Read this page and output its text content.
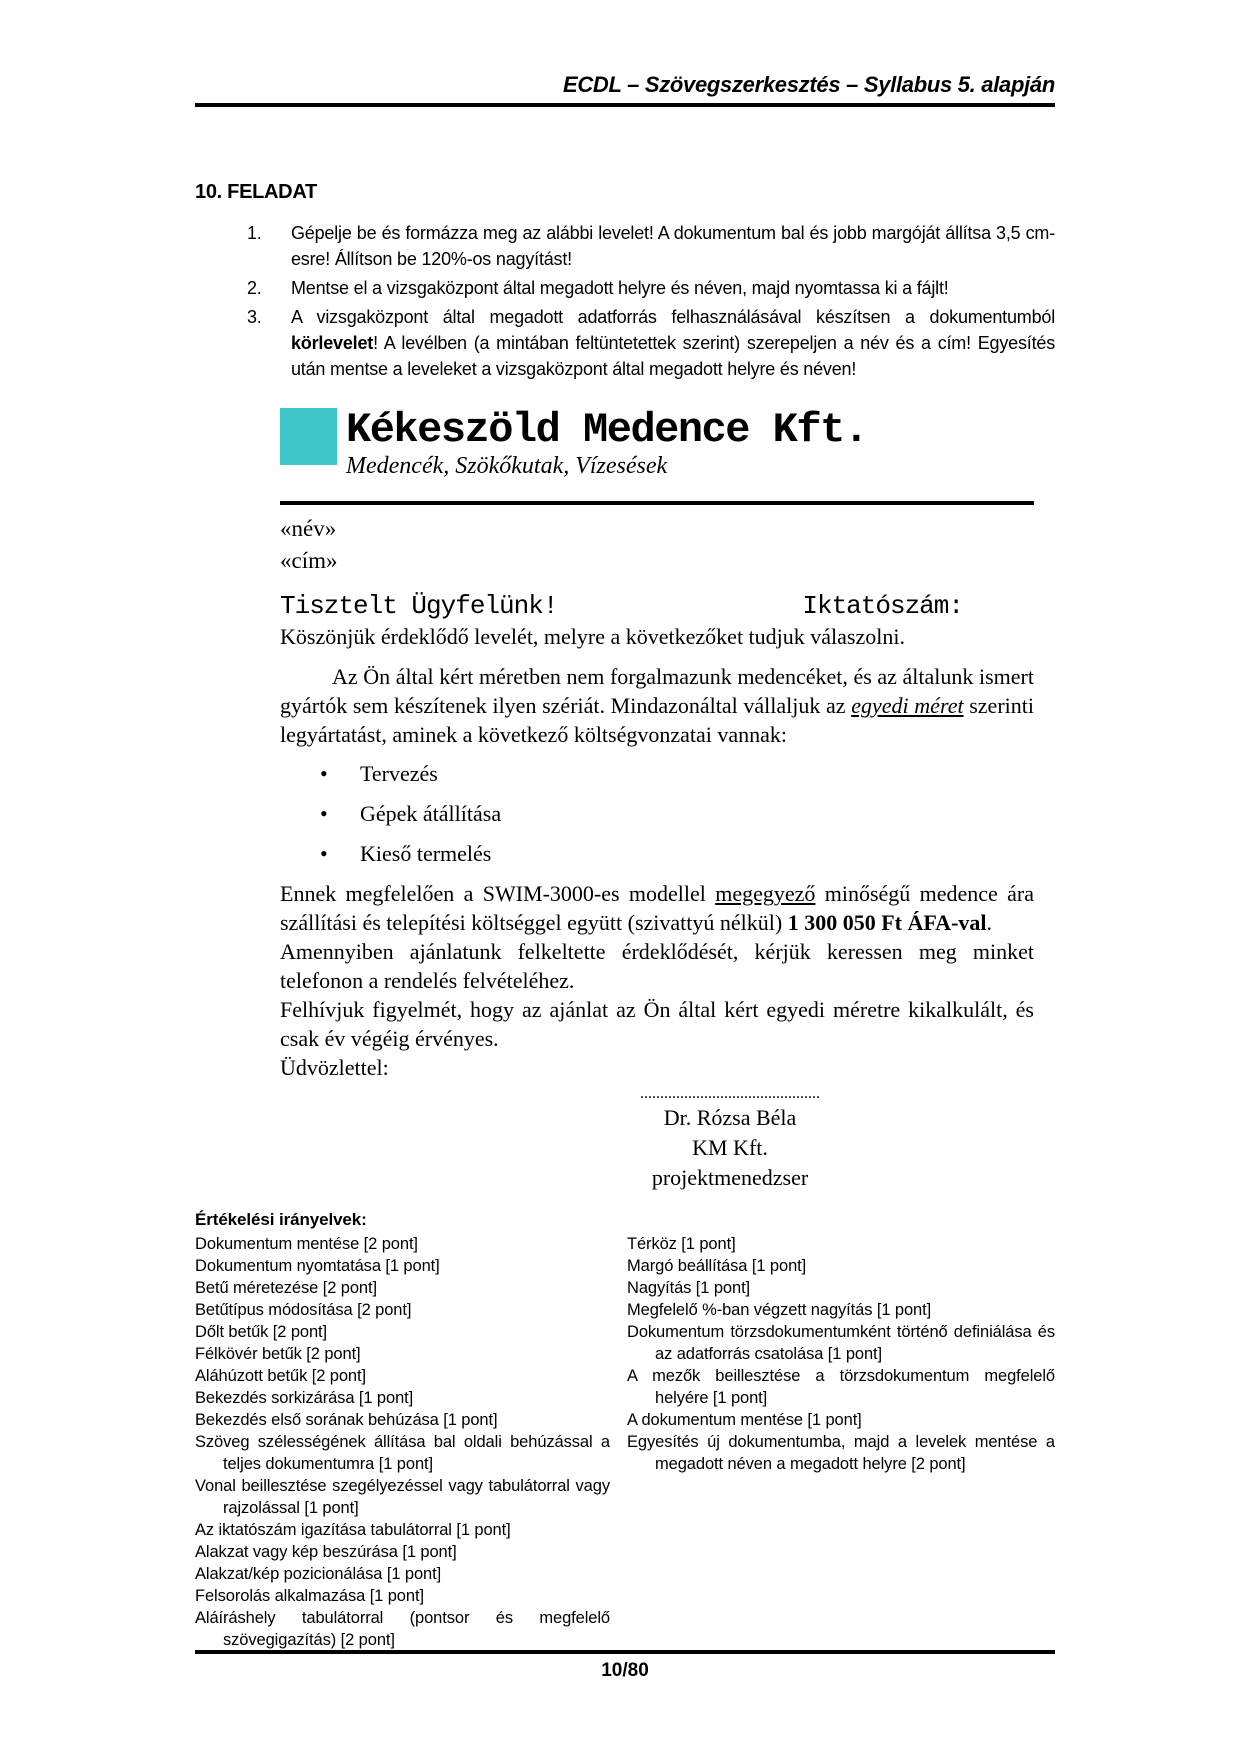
ECDL – Szövegszerkesztés – Syllabus 5. alapján
10. FELADAT
1.	Gépelje be és formázza meg az alábbi levelet! A dokumentum bal és jobb margóját állítsa 3,5 cm-esre! Állítson be 120%-os nagyítást!
2.	Mentse el a vizsgaközpont által megadott helyre és néven, majd nyomtassa ki a fájlt!
3.	A vizsgaközpont által megadott adatforrás felhasználásával készítsen a dokumentumból körlevelet! A levélben (a mintában feltüntetettek szerint) szerepeljen a név és a cím! Egyesítés után mentse a leveleket a vizsgaközpont által megadott helyre és néven!
Kékeszöld Medence Kft.
Medencék, Szökőkutak, Vízesések
«név»
«cím»
Tisztelt Ügyfelünk!	Iktatószám:

Köszönjük érdeklődő levelét, melyre a következőket tudjuk válaszolni.

Az Ön által kért méretben nem forgalmazunk medencéket, és az általunk ismert gyártók sem készítenek ilyen szériát. Mindazonáltal vállaljuk az egyedi méret szerinti legyártatást, aminek a következő költségvonzatai vannak:

•	Tervezés
•	Gépek átállítása
•	Kieső termelés

Ennek megfelelően a SWIM-3000-es modellel megegyező minőségű medence ára szállítási és telepítési költséggel együtt (szivattyú nélkül) 1 300 050 Ft ÁFA-val.

Amennyiben ajánlatunk felkeltette érdeklődését, kérjük keressen meg minket telefonon a rendelés felvételéhez.

Felhívjuk figyelmét, hogy az ajánlat az Ön által kért egyedi méretre kikalkulált, és csak év végéig érvényes.

Üdvözlettel:

.............................................
Dr. Rózsa Béla
KM Kft.
projektmenedzser
Értékelési irányelvek:
Dokumentum mentése [2 pont]
Dokumentum nyomtatása [1 pont]
Betű méretezése [2 pont]
Betűtípus módosítása [2 pont]
Dőlt betűk [2 pont]
Félkövér betűk [2 pont]
Aláhúzott betűk [2 pont]
Bekezdés sorkizárása [1 pont]
Bekezdés első sorának behúzása [1 pont]
Szöveg szélességének állítása bal oldali behúzással a teljes dokumentumra [1 pont]
Vonal beillesztése szegélyezéssel vagy tabulátorral vagy rajzolással [1 pont]
Az iktatószám igazítása tabulátorral [1 pont]
Alakzat vagy kép beszúrása [1 pont]
Alakzat/kép pozicionálása [1 pont]
Felsorolás alkalmazása [1 pont]
Aláíráshely tabulátorral (pontsor és megfelelő szövegigazítás) [2 pont]
Térköz [1 pont]
Margó beállítása [1 pont]
Nagyítás [1 pont]
Megfelelő %-ban végzett nagyítás [1 pont]
Dokumentum törzsdokumentumként történő definiálása és az adatforrás csatolása [1 pont]
A mezők beillesztése a törzsdokumentum megfelelő helyére [1 pont]
A dokumentum mentése [1 pont]
Egyesítés új dokumentumba, majd a levelek mentése a megadott néven a megadott helyre [2 pont]
10/80
